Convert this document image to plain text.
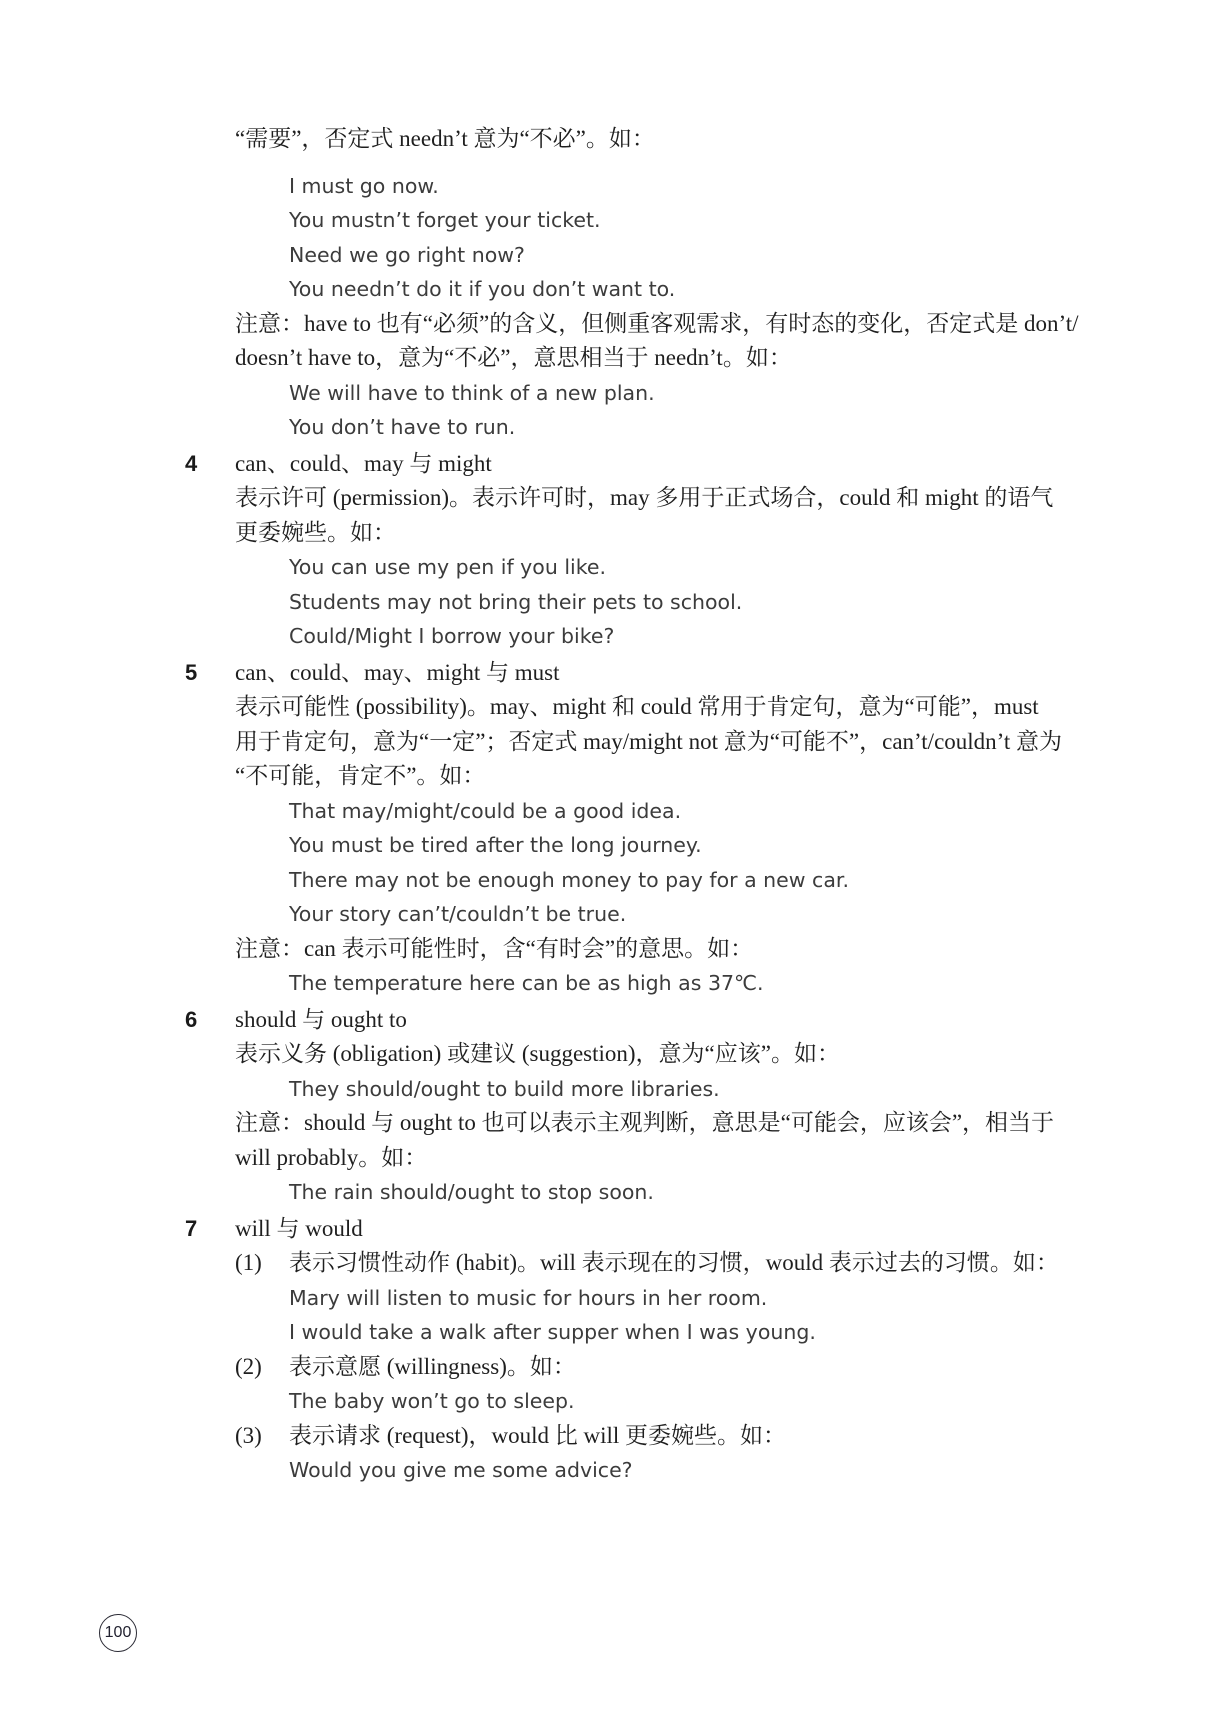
“需要”，否定式 needn’t 意为“不必”。如：
I must go now.
You mustn’t forget your ticket.
Need we go right now?
You needn’t do it if you don’t want to.
注意：have to 也有“必须”的含义，但侧重客观需求，有时态的变化，否定式是 don’t/
doesn’t have to，意为“不必”，意思相当于 needn’t。如：
We will have to think of a new plan.
You don’t have to run.
4 can、could、may 与 might
表示许可 (permission)。表示许可时，may 多用于正式场合，could 和 might 的语气
更委婉些。如：
You can use my pen if you like.
Students may not bring their pets to school.
Could/Might I borrow your bike?
5 can、could、may、might 与 must
表示可能性 (possibility)。may、might 和 could 常用于肯定句，意为“可能”，must
用于肯定句，意为“一定”；否定式 may/might not 意为“可能不”，can’t/couldn’t 意为
“不可能，肯定不”。如：
That may/might/could be a good idea.
You must be tired after the long journey.
There may not be enough money to pay for a new car.
Your story can’t/couldn’t be true.
注意：can 表示可能性时，含“有时会”的意思。如：
The temperature here can be as high as 37℃.
6 should 与 ought to
表示义务 (obligation) 或建议 (suggestion)，意为“应该”。如：
They should/ought to build more libraries.
注意：should 与 ought to 也可以表示主观判断，意思是“可能会，应该会”，相当于
will probably。如：
The rain should/ought to stop soon.
7 will 与 would
(1) 表示习惯性动作 (habit)。will 表示现在的习惯，would 表示过去的习惯。如：
Mary will listen to music for hours in her room.
I would take a walk after supper when I was young.
(2) 表示意愿 (willingness)。如：
The baby won’t go to sleep.
(3) 表示请求 (request)，would 比 will 更委婉些。如：
Would you give me some advice?
100
